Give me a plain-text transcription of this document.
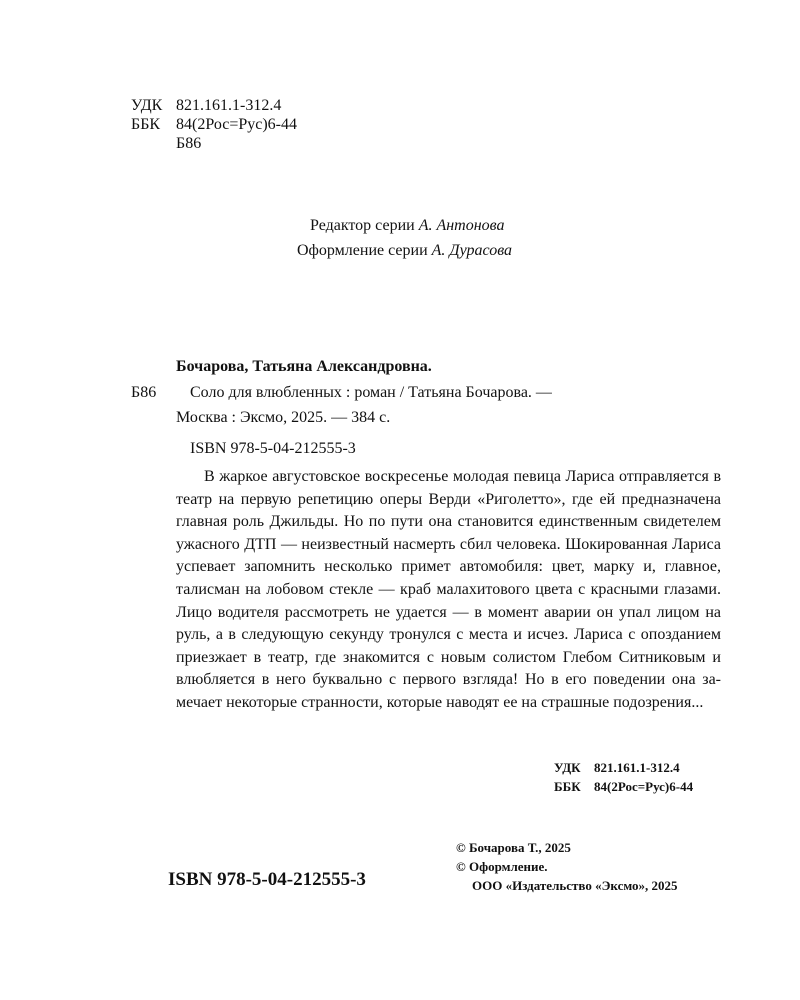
УДК 821.161.1-312.4
ББК 84(2Рос=Рус)6-44
Б86
Редактор серии А. Антонова
Оформление серии А. Дурасова
Бочарова, Татьяна Александровна.
Б86 Соло для влюбленных : роман / Татьяна Бочарова. —
Москва : Эксмо, 2025. — 384 с.
ISBN 978-5-04-212555-3
В жаркое августовское воскресенье молодая певица Лариса отправляется в театр на первую репетицию оперы Верди «Риголетто», где ей предназначена главная роль Джильды. Но по пути она становится единственным свидетелем ужасного ДТП — неизвестный насмерть сбил человека. Шокированная Лариса успевает запомнить несколько примет автомобиля: цвет, марку и, главное, талисман на лобовом стекле — краб малахитового цвета с красными глазами. Лицо водителя рассмотреть не удается — в момент аварии он упал лицом на руль, а в следующую секунду тронулся с места и исчез. Лариса с опозданием приезжает в театр, где знакомится с новым солистом Глебом Ситниковым и влюбляется в него буквально с первого взгляда! Но в его поведении она замечает некоторые странности, которые наводят ее на страшные подозрения...
УДК 821.161.1-312.4
ББК 84(2Рос=Рус)6-44
© Бочарова Т., 2025
© Оформление.
ООО «Издательство «Эксмо», 2025
ISBN 978-5-04-212555-3
